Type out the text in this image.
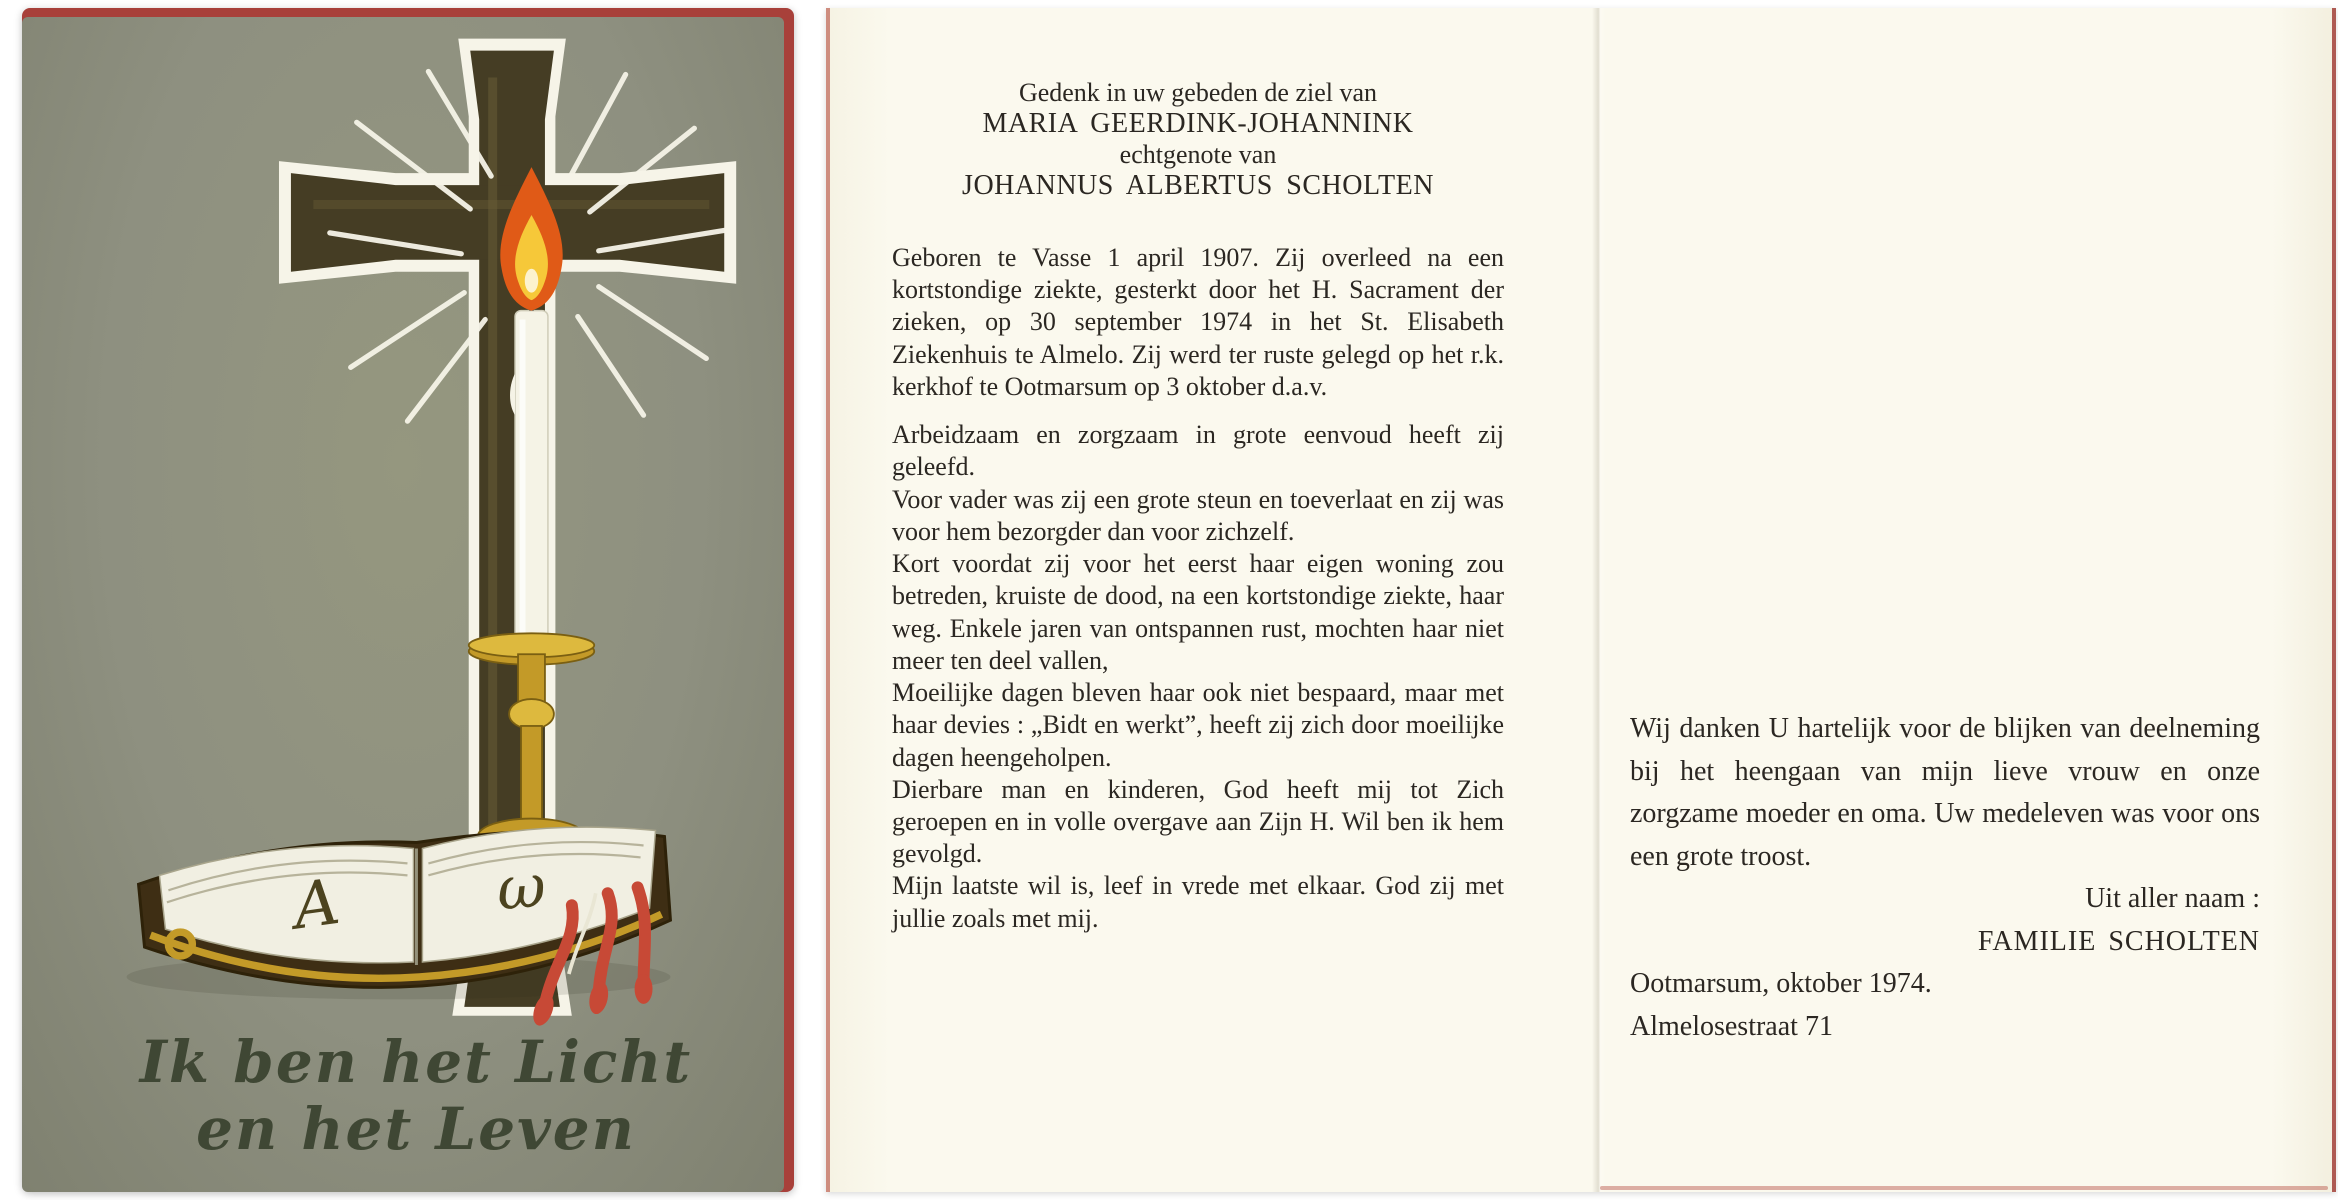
A	ω
Ik ben het Licht
en het Leven

Gedenk in uw gebeden de ziel van

MARIA GEERDINK-JOHANNINK

echtgenote van

JOHANNUS ALBERTUS SCHOLTEN

Geboren te Vasse 1 april 1907. Zij overleed na een kortstondige ziekte, gesterkt door het H. Sacrament der zieken, op 30 september 1974 in het St. Elisabeth Ziekenhuis te Almelo. Zij werd ter ruste gelegd op het r.k. kerkhof te Ootmarsum op 3 oktober d.a.v.

Arbeidzaam en zorgzaam in grote eenvoud heeft zij geleefd.

Voor vader was zij een grote steun en toeverlaat en zij was voor hem bezorgder dan voor zichzelf.

Kort voordat zij voor het eerst haar eigen woning zou betreden, kruiste de dood, na een kortstondige ziekte, haar weg. Enkele jaren van ontspannen rust, mochten haar niet meer ten deel vallen,

Moeilijke dagen bleven haar ook niet bespaard, maar met haar devies : „Bidt en werkt”, heeft zij zich door moeilijke dagen heengeholpen.

Dierbare man en kinderen, God heeft mij tot Zich geroepen en in volle overgave aan Zijn H. Wil ben ik hem gevolgd.

Mijn laatste wil is, leef in vrede met elkaar. God zij met jullie zoals met mij.

Wij danken U hartelijk voor de blijken van deelneming bij het heengaan van mijn lieve vrouw en onze zorgzame moeder en oma. Uw medeleven was voor ons een grote troost.

Uit aller naam :

FAMILIE SCHOLTEN

Ootmarsum, oktober 1974.

Almelosestraat 71
